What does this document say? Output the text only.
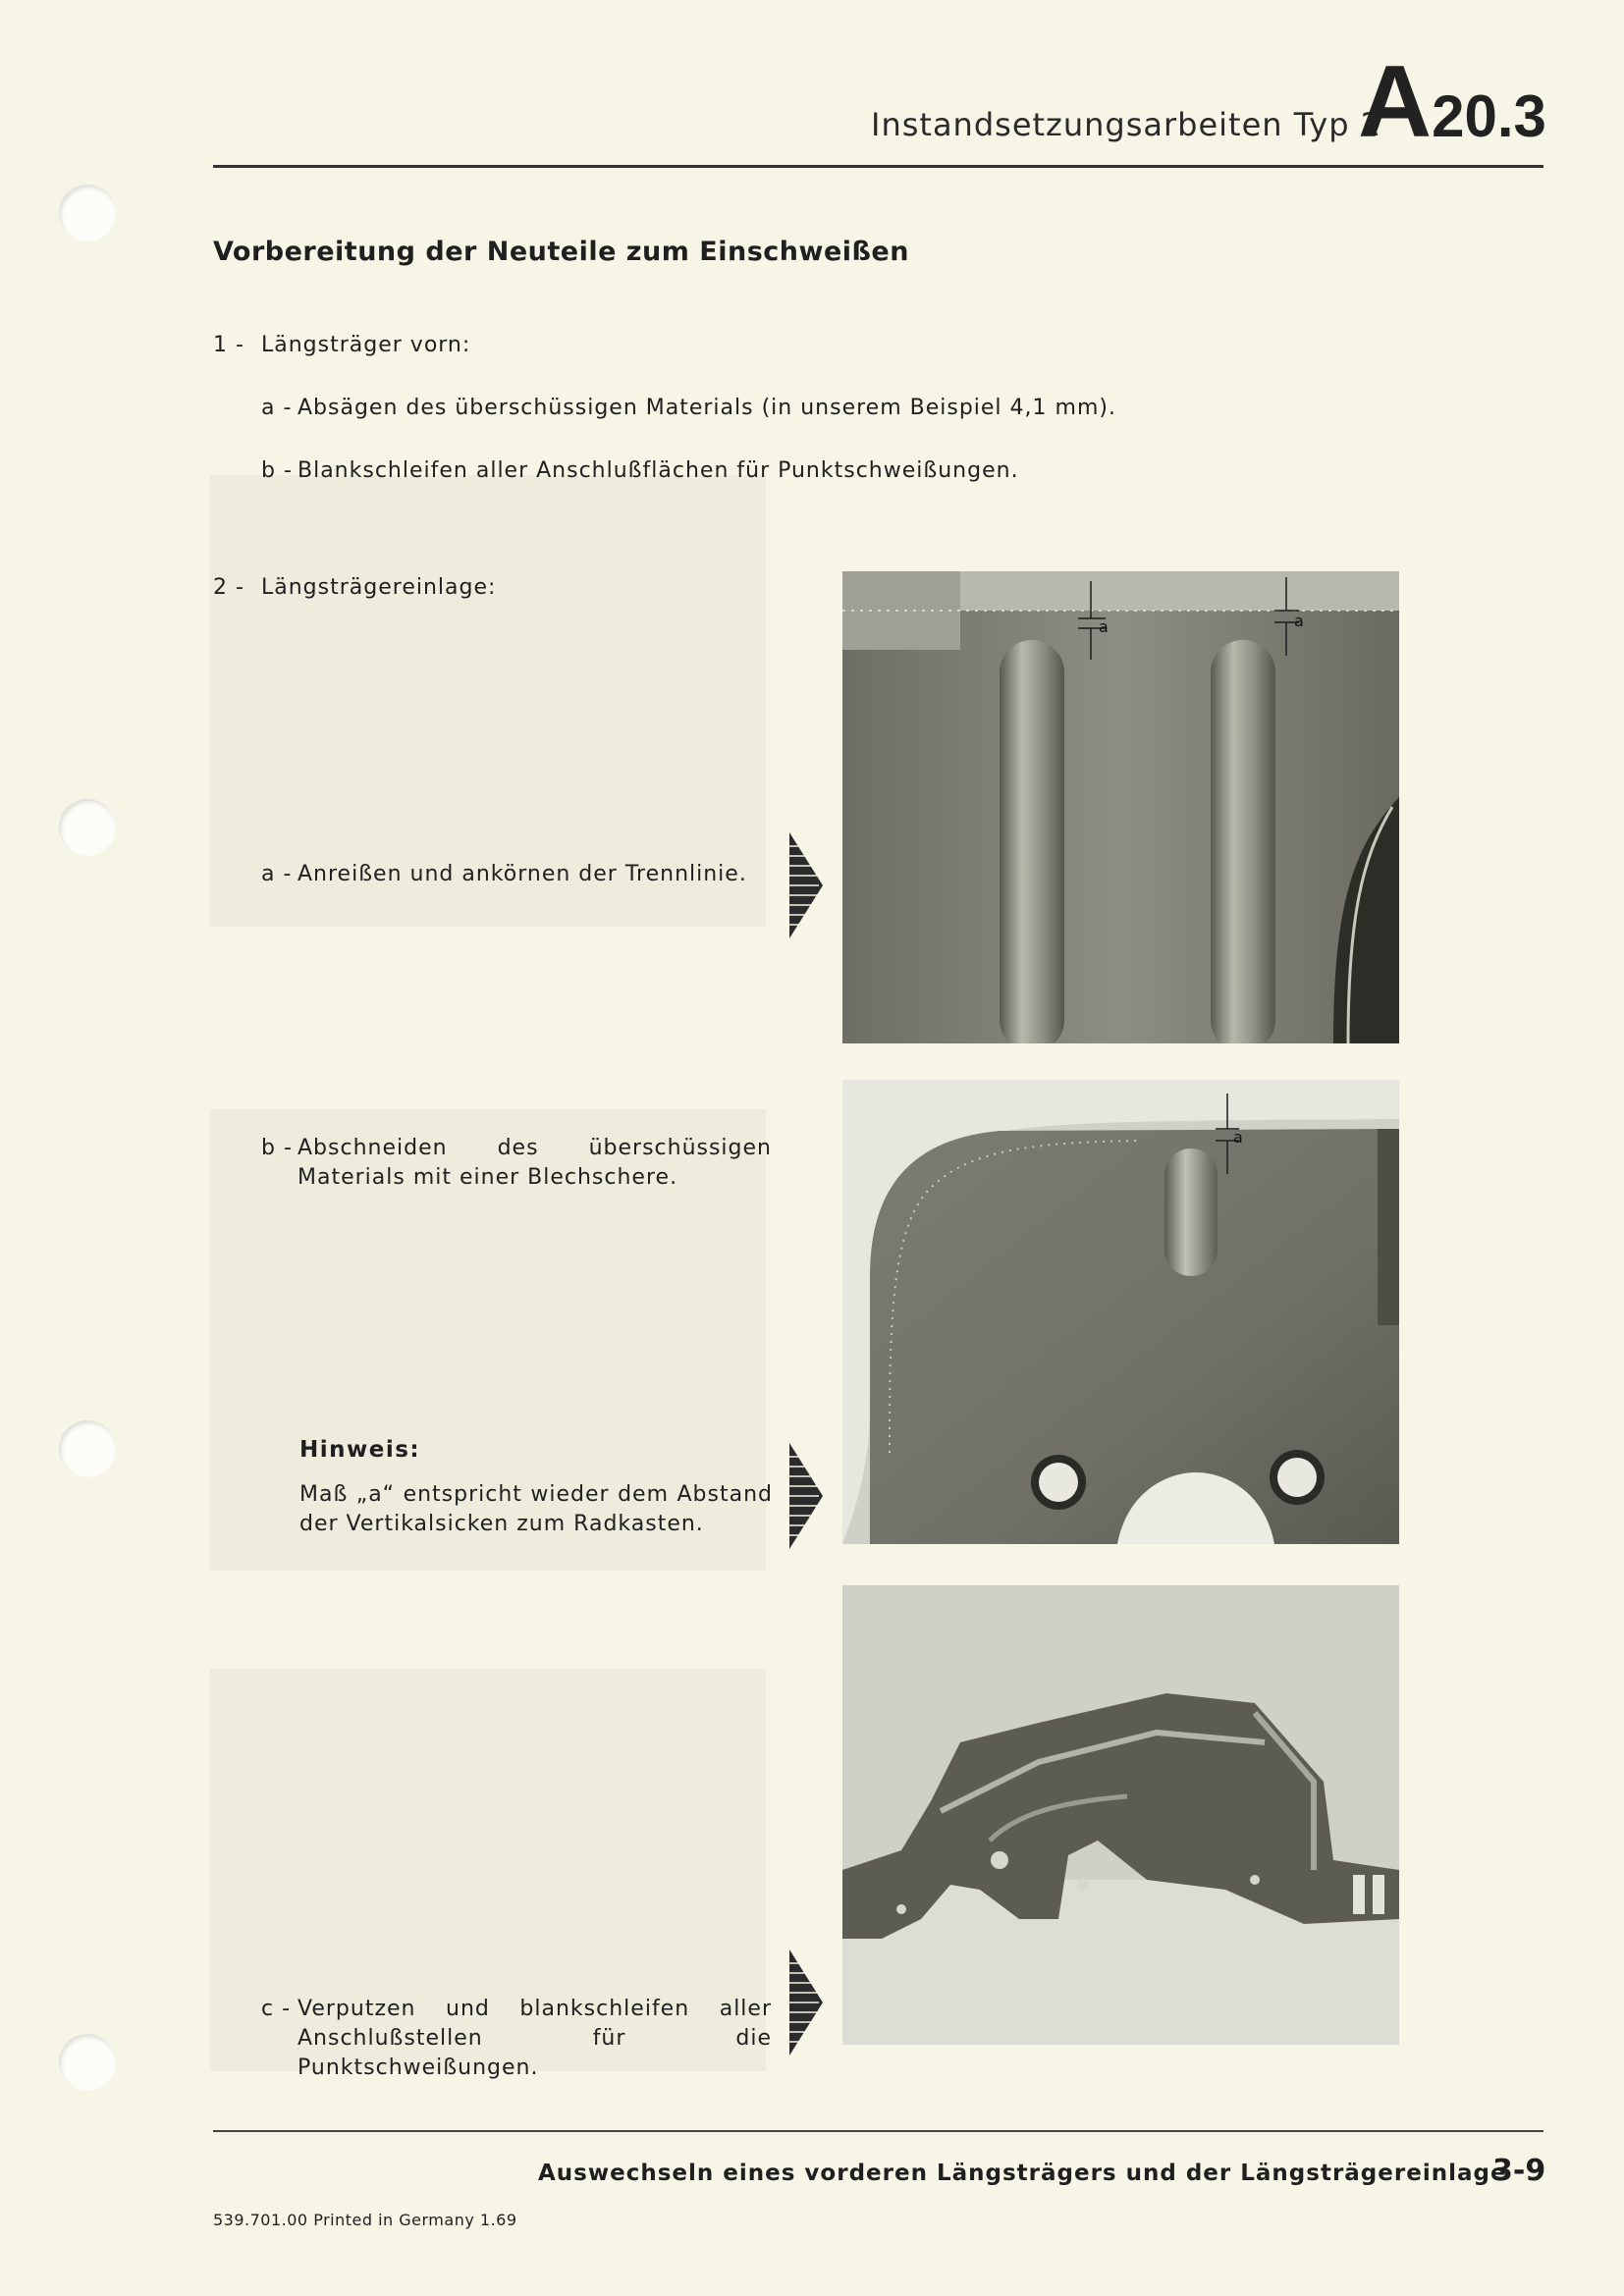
Instandsetzungsarbeiten Typ 2
A20.3
Vorbereitung der Neuteile zum Einschweißen
1 - Längsträger vorn:
a - Absägen des überschüssigen Materials (in unserem Beispiel 4,1 mm).
b - Blankschleifen aller Anschlußflächen für Punktschweißungen.
2 - Längsträgereinlage:
a - Anreißen und ankörnen der Trennlinie.
b - Abschneiden des überschüssigen Materials mit einer Blechschere.
Hinweis:
Maß „a“ entspricht wieder dem Abstand der Vertikalsicken zum Radkasten.
c - Verputzen und blankschleifen aller Anschlußstellen für die Punktschweißungen.
a	a
a
Auswechseln eines vorderen Längsträgers und der Längsträgereinlage
3-9
539.701.00 Printed in Germany 1.69
